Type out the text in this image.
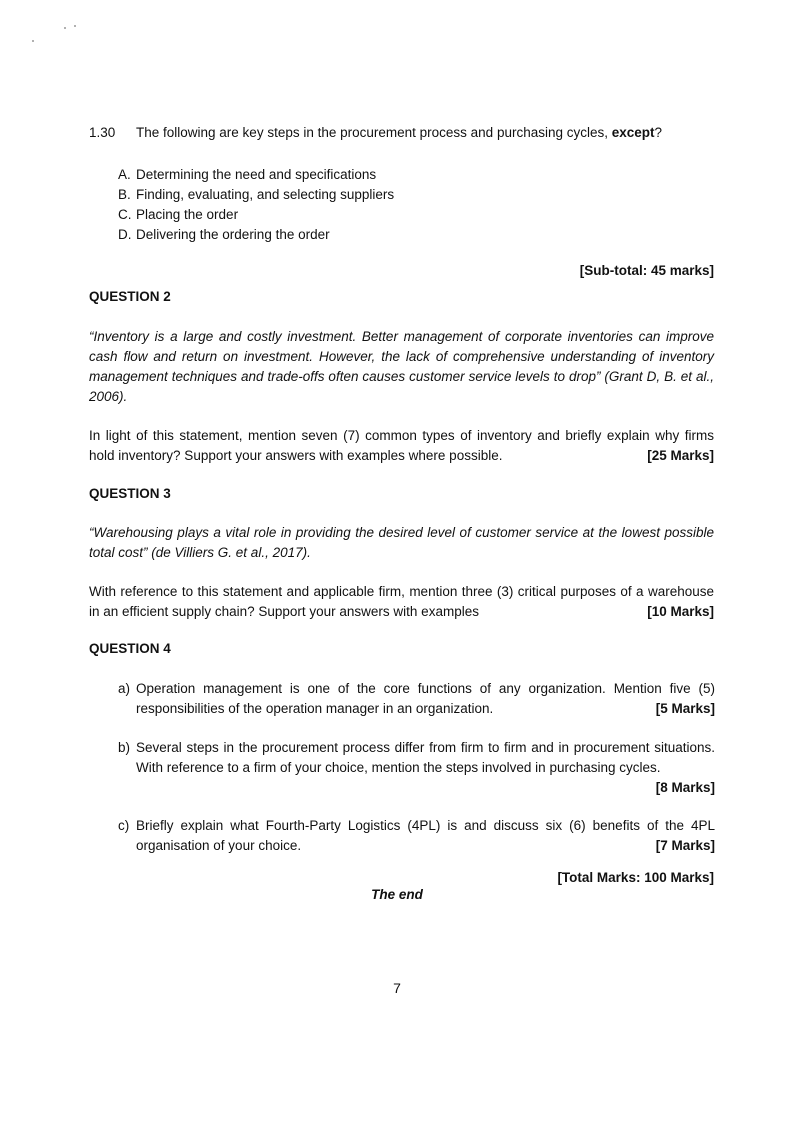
1.30 The following are key steps in the procurement process and purchasing cycles, except?
A. Determining the need and specifications
B. Finding, evaluating, and selecting suppliers
C. Placing the order
D. Delivering the ordering the order
[Sub-total: 45 marks]
QUESTION 2
“Inventory is a large and costly investment. Better management of corporate inventories can improve cash flow and return on investment. However, the lack of comprehensive understanding of inventory management techniques and trade-offs often causes customer service levels to drop” (Grant D, B. et al., 2006).
In light of this statement, mention seven (7) common types of inventory and briefly explain why firms hold inventory? Support your answers with examples where possible.	[25 Marks]
QUESTION 3
“Warehousing plays a vital role in providing the desired level of customer service at the lowest possible total cost” (de Villiers G. et al., 2017).
With reference to this statement and applicable firm, mention three (3) critical purposes of a warehouse in an efficient supply chain? Support your answers with examples	[10 Marks]
QUESTION 4
a) Operation management is one of the core functions of any organization. Mention five (5) responsibilities of the operation manager in an organization.	[5 Marks]
b) Several steps in the procurement process differ from firm to firm and in procurement situations. With reference to a firm of your choice, mention the steps involved in purchasing cycles.
[8 Marks]
c) Briefly explain what Fourth-Party Logistics (4PL) is and discuss six (6) benefits of the 4PL organisation of your choice.	[7 Marks]
[Total Marks: 100 Marks]
The end
7
